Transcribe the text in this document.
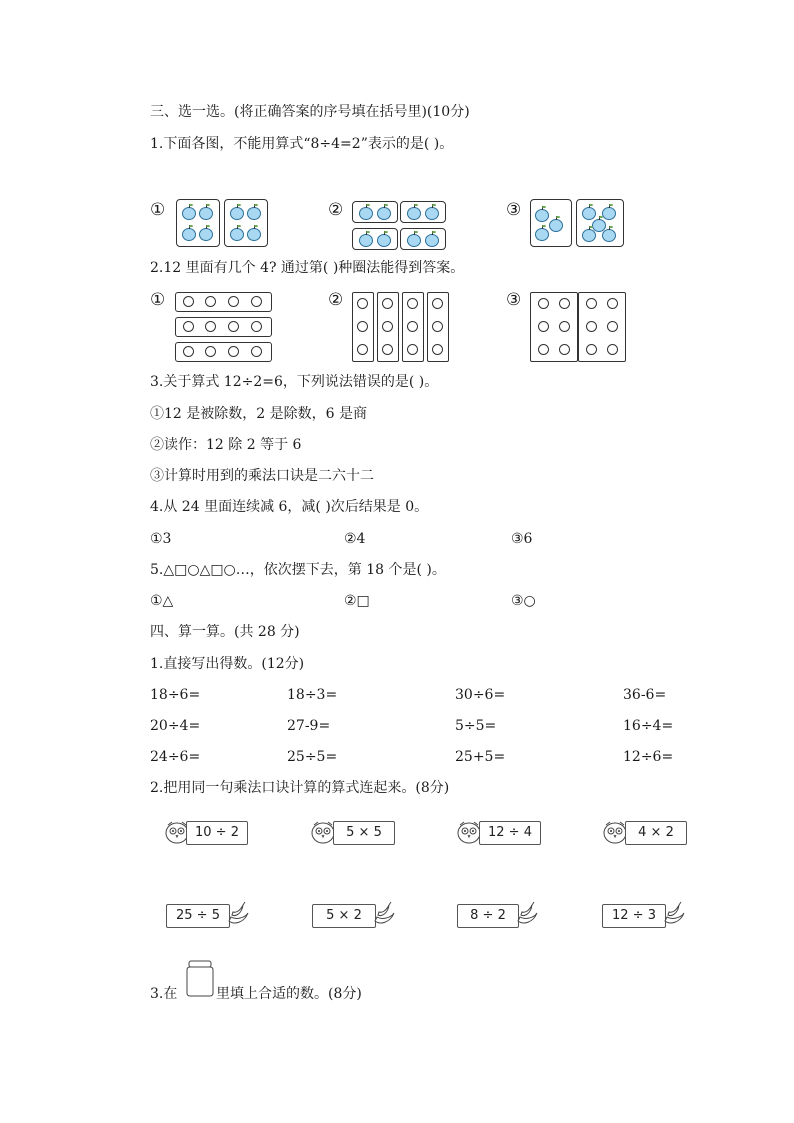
三、选一选。(将正确答案的序号填在括号里)(10分)
1.下面各图，不能用算式“8÷4=2”表示的是( )。
①	②	③
2.12 里面有几个 4? 通过第( )种圈法能得到答案。
①	②	③
3.关于算式 12÷2=6，下列说法错误的是( )。
①12 是被除数，2 是除数，6 是商
②读作：12 除 2 等于 6
③计算时用到的乘法口诀是二六十二
4.从 24 里面连续减 6，减( )次后结果是 0。
①3	②4	③6
5.△□○△□○…，依次摆下去，第 18 个是( )。
①△	②□	③○
四、算一算。(共 28 分)
1.直接写出得数。(12分)
18÷6=	18÷3=	30÷6=	36-6=
20÷4=	27-9=	5÷5=	16÷4=
24÷6=	25÷5=	25+5=	12÷6=
2.把用同一句乘法口诀计算的算式连起来。(8分)
10 ÷ 2	5 × 5	12 ÷ 4	4 × 2
25 ÷ 5	5 × 2	8 ÷ 2	12 ÷ 3
3.在	里填上合适的数。(8分)
